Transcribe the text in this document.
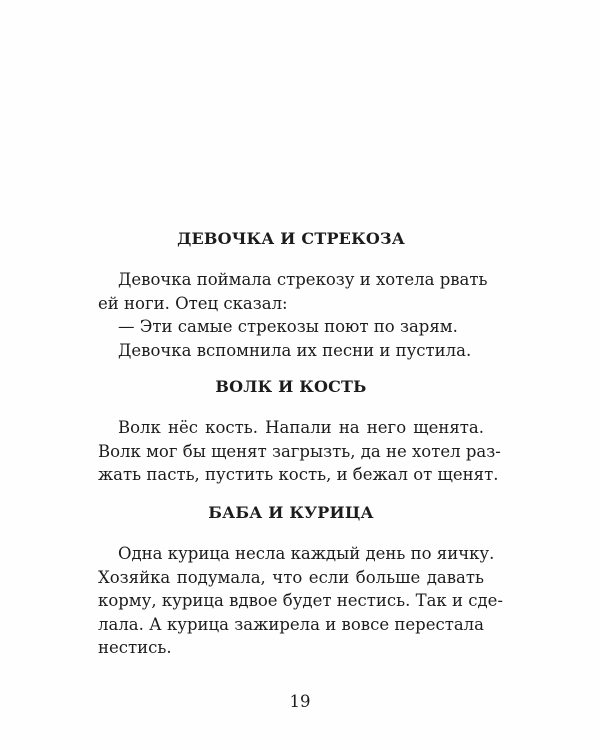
ДЕВОЧКА И СТРЕКОЗА
Девочка поймала стрекозу и хотела рвать
ей ноги. Отец сказал:
— Эти самые стрекозы поют по зарям.
Девочка вспомнила их песни и пустила.
ВОЛК И КОСТЬ
Волк нёс кость. Напали на него щенята.
Волк мог бы щенят загрызть, да не хотел раз-
жать пасть, пустить кость, и бежал от щенят.
БАБА И КУРИЦА
Одна курица несла каждый день по яичку.
Хозяйка подумала, что если больше давать
корму, курица вдвое будет нестись. Так и сде-
лала. А курица зажирела и вовсе перестала
нестись.

19
